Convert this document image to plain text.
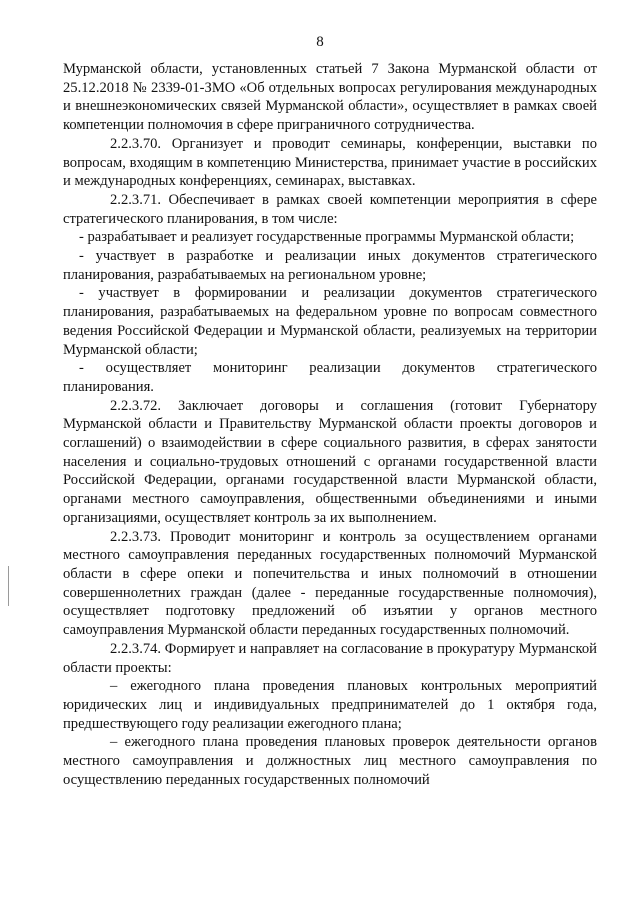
8

Мурманской области, установленных статьей 7 Закона Мурманской области от 25.12.2018 № 2339-01-ЗМО «Об отдельных вопросах регулирования международных и внешнеэкономических связей Мурманской области», осуществляет в рамках своей компетенции полномочия в сфере приграничного сотрудничества.

2.2.3.70. Организует и проводит семинары, конференции, выставки по вопросам, входящим в компетенцию Министерства, принимает участие в российских и международных конференциях, семинарах, выставках.

2.2.3.71. Обеспечивает в рамках своей компетенции мероприятия в сфере стратегического планирования, в том числе:

- разрабатывает и реализует государственные программы Мурманской области;

- участвует в разработке и реализации иных документов стратегического планирования, разрабатываемых на региональном уровне;

- участвует в формировании и реализации документов стратегического планирования, разрабатываемых на федеральном уровне по вопросам совместного ведения Российской Федерации и Мурманской области, реализуемых на территории Мурманской области;

- осуществляет мониторинг реализации документов стратегического планирования.

2.2.3.72. Заключает договоры и соглашения (готовит Губернатору Мурманской области и Правительству Мурманской области проекты договоров и соглашений) о взаимодействии в сфере социального развития, в сферах занятости населения и социально-трудовых отношений с органами государственной власти Российской Федерации, органами государственной власти Мурманской области, органами местного самоуправления, общественными объединениями и иными организациями, осуществляет контроль за их выполнением.

2.2.3.73. Проводит мониторинг и контроль за осуществлением органами местного самоуправления переданных государственных полномочий Мурманской области в сфере опеки и попечительства и иных полномочий в отношении совершеннолетних граждан (далее - переданные государственные полномочия), осуществляет подготовку предложений об изъятии у органов местного самоуправления Мурманской области переданных государственных полномочий.

2.2.3.74. Формирует и направляет на согласование в прокуратуру Мурманской области проекты:

– ежегодного плана проведения плановых контрольных мероприятий юридических лиц и индивидуальных предпринимателей до 1 октября года, предшествующего году реализации ежегодного плана;

– ежегодного плана проведения плановых проверок деятельности органов местного самоуправления и должностных лиц местного самоуправления по осуществлению переданных государственных полномочий
